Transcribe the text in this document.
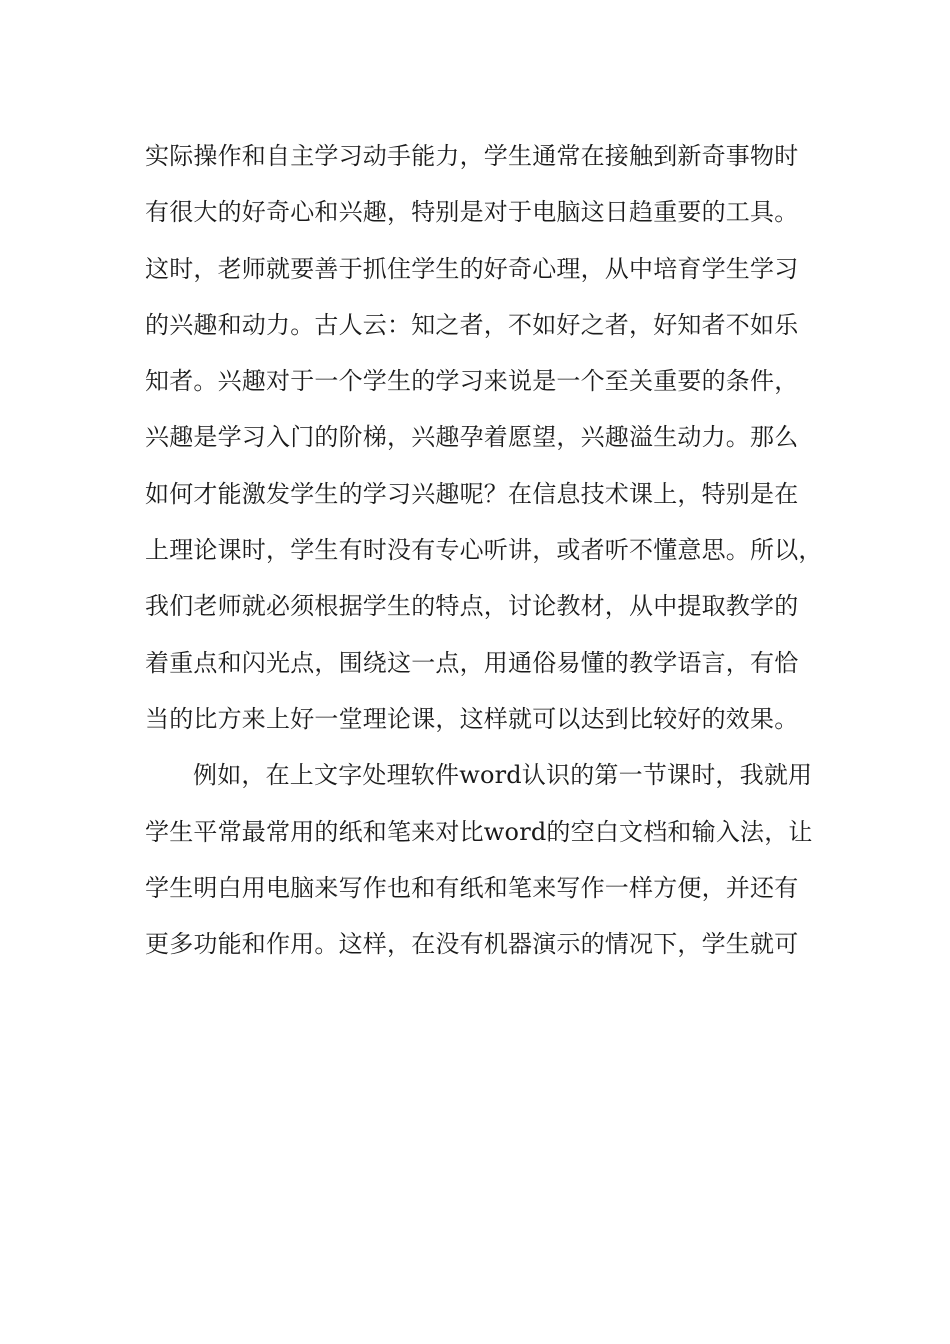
实际操作和自主学习动手能力，学生通常在接触到新奇事物时
有很大的好奇心和兴趣，特别是对于电脑这日趋重要的工具。
这时，老师就要善于抓住学生的好奇心理，从中培育学生学习
的兴趣和动力。古人云：知之者，不如好之者，好知者不如乐
知者。兴趣对于一个学生的学习来说是一个至关重要的条件，
兴趣是学习入门的阶梯，兴趣孕着愿望，兴趣溢生动力。那么
如何才能激发学生的学习兴趣呢？在信息技术课上，特别是在
上理论课时，学生有时没有专心听讲，或者听不懂意思。所以，
我们老师就必须根据学生的特点，讨论教材，从中提取教学的
着重点和闪光点，围绕这一点，用通俗易懂的教学语言，有恰
当的比方来上好一堂理论课，这样就可以达到比较好的效果。
例如，在上文字处理软件word认识的第一节课时，我就用
学生平常最常用的纸和笔来对比word的空白文档和输入法，让
学生明白用电脑来写作也和有纸和笔来写作一样方便，并还有
更多功能和作用。这样，在没有机器演示的情况下，学生就可
